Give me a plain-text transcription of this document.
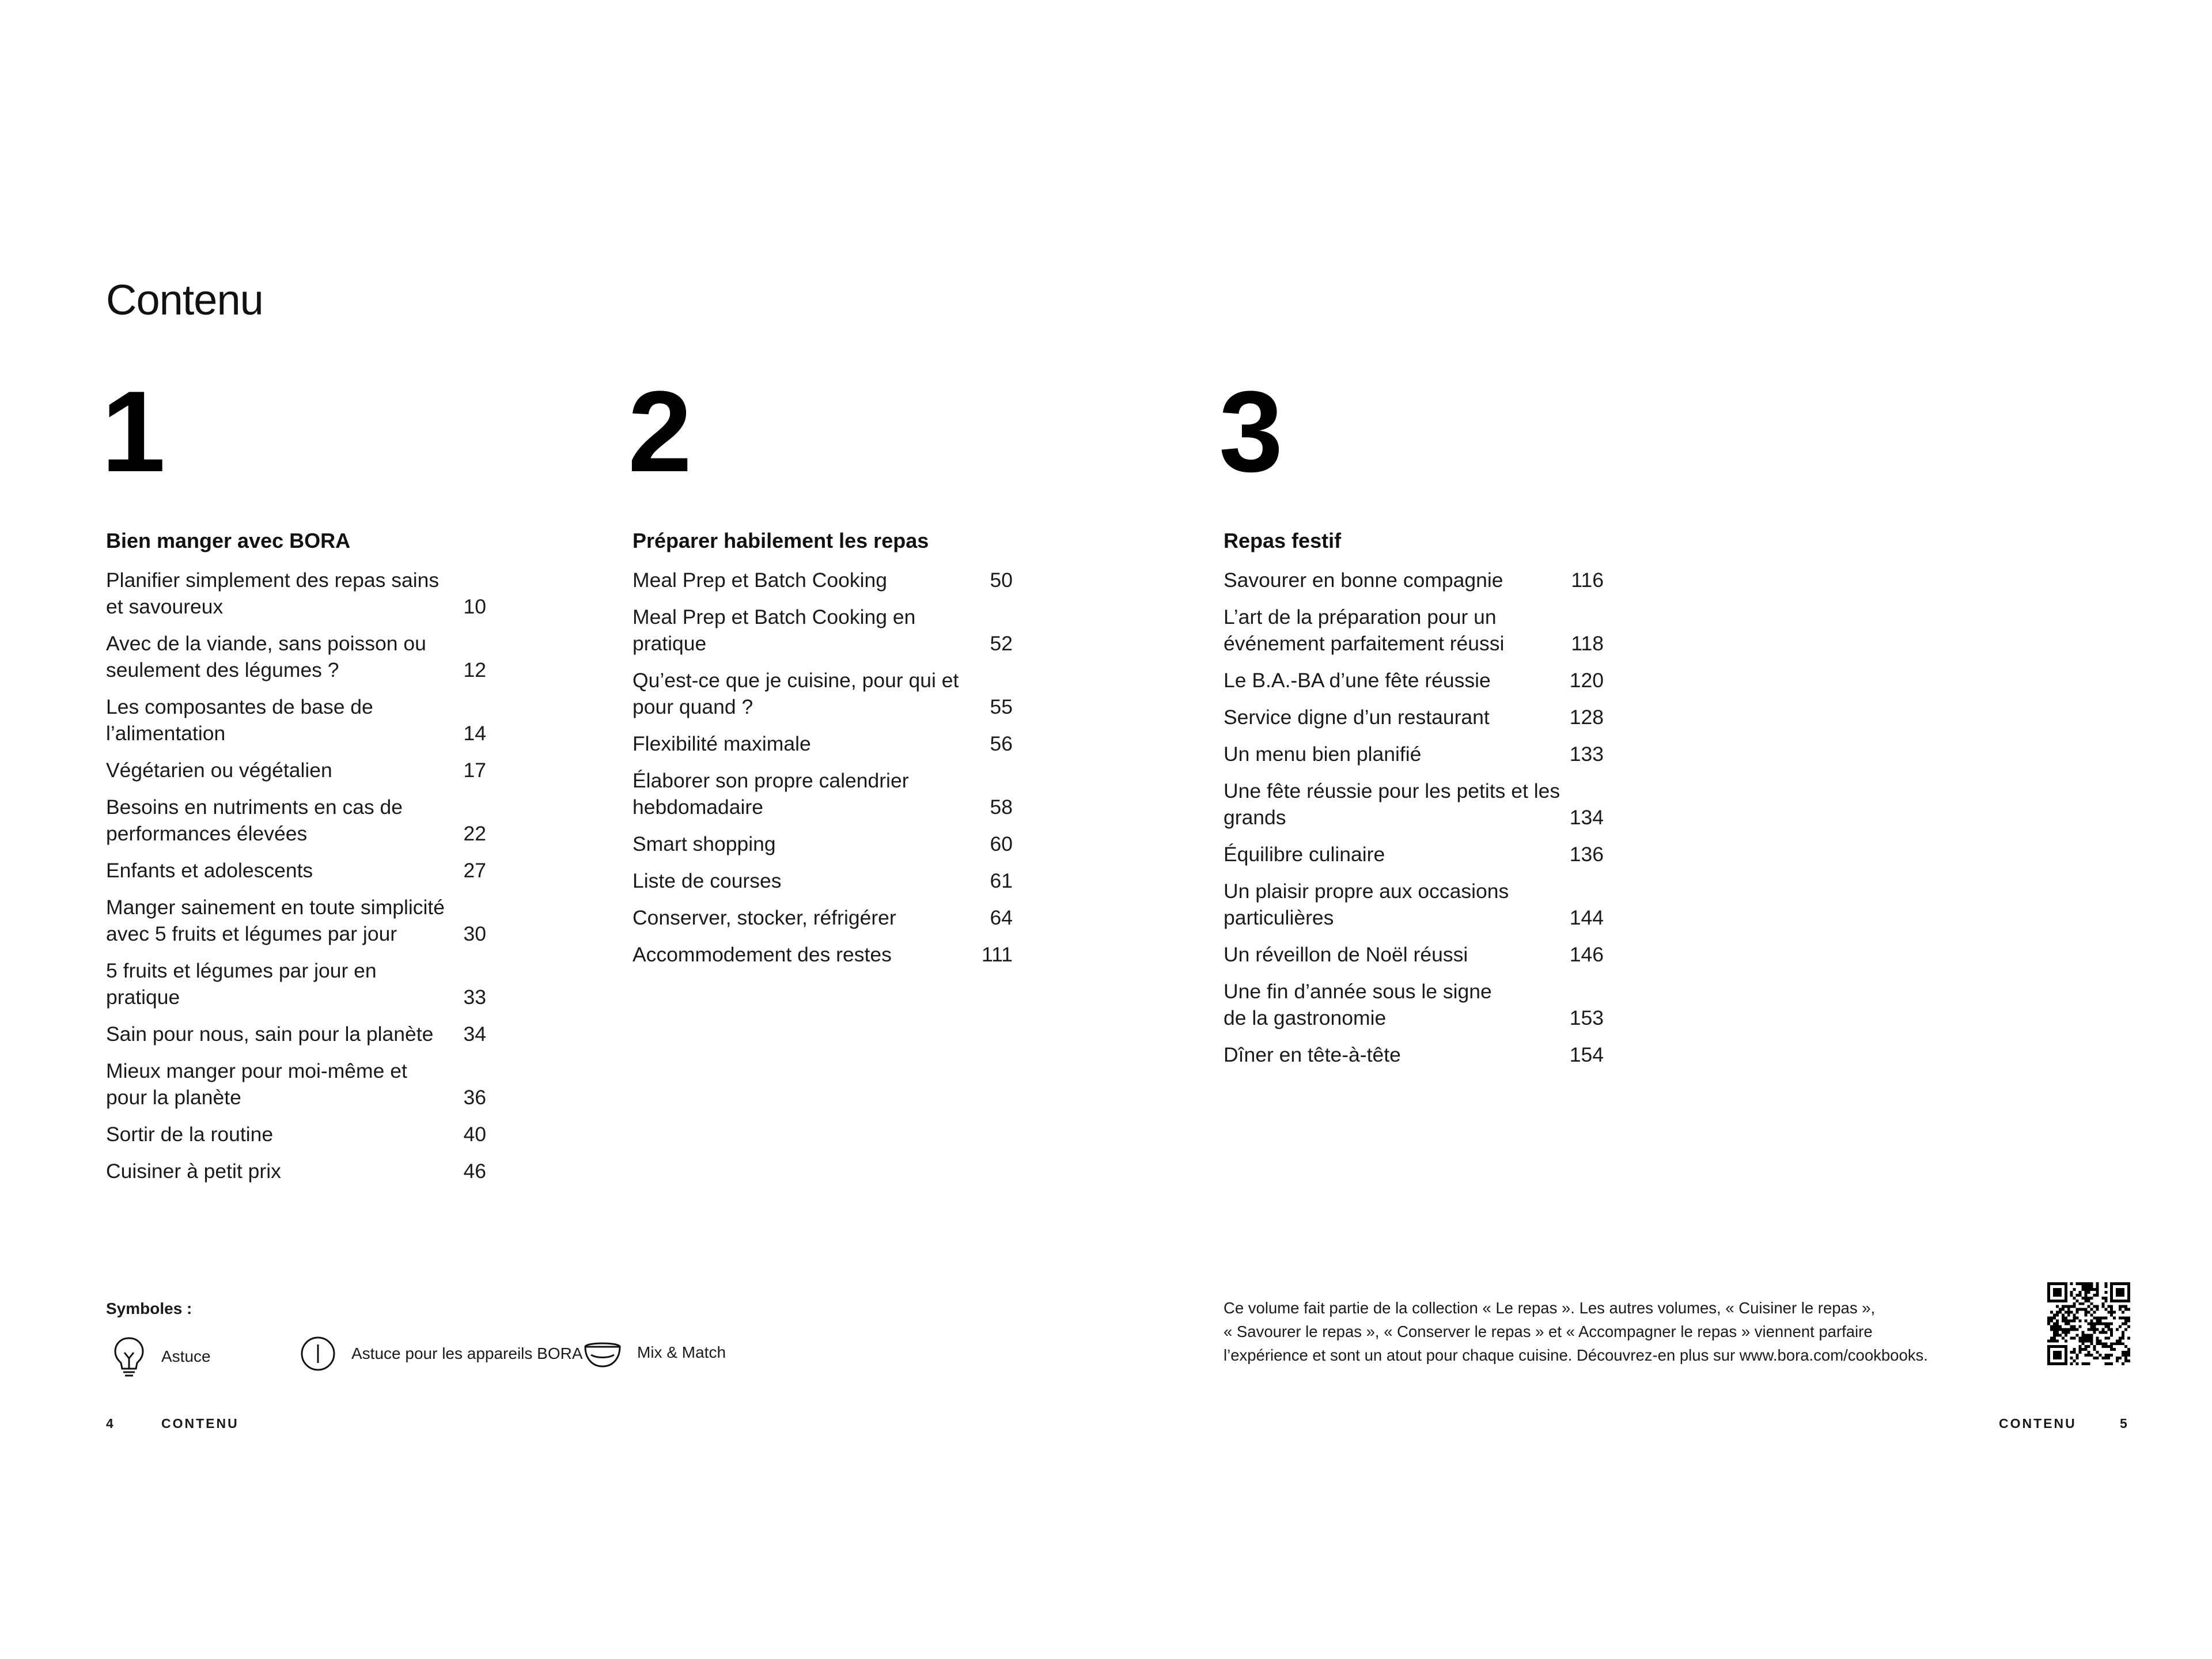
Contenu
1
Bien manger avec BORA
Planifier simplement des repas sains
et savoureux	10
Avec de la viande, sans poisson ou
seulement des légumes ?	12
Les composantes de base de
l’alimentation	14
Végétarien ou végétalien	17
Besoins en nutriments en cas de
performances élevées	22
Enfants et adolescents	27
Manger sainement en toute simplicité
avec 5 fruits et légumes par jour	30
5 fruits et légumes par jour en pratique	33
Sain pour nous, sain pour la planète	34
Mieux manger pour moi-même et
pour la planète	36
Sortir de la routine	40
Cuisiner à petit prix	46
2
Préparer habilement les repas
Meal Prep et Batch Cooking	50
Meal Prep et Batch Cooking en pratique	52
Qu’est-ce que je cuisine, pour qui et
pour quand ?	55
Flexibilité maximale	56
Élaborer son propre calendrier
hebdomadaire	58
Smart shopping	60
Liste de courses	61
Conserver, stocker, réfrigérer	64
Accommodement des restes	111
3
Repas festif
Savourer en bonne compagnie	116
L’art de la préparation pour un
événement parfaitement réussi	118
Le B.A.-BA d’une fête réussie	120
Service digne d’un restaurant	128
Un menu bien planifié	133
Une fête réussie pour les petits et les
grands	134
Équilibre culinaire	136
Un plaisir propre aux occasions
particulières	144
Un réveillon de Noël réussi	146
Une fin d’année sous le signe
de la gastronomie	153
Dîner en tête-à-tête	154
Symboles :
Astuce	Astuce pour les appareils BORA	Mix & Match
Ce volume fait partie de la collection « Le repas ». Les autres volumes, « Cuisiner le repas »,
« Savourer le repas », « Conserver le repas » et « Accompagner le repas » viennent parfaire
l’expérience et sont un atout pour chaque cuisine. Découvrez-en plus sur www.bora.com/cookbooks.
4	CONTENU	CONTENU	5
